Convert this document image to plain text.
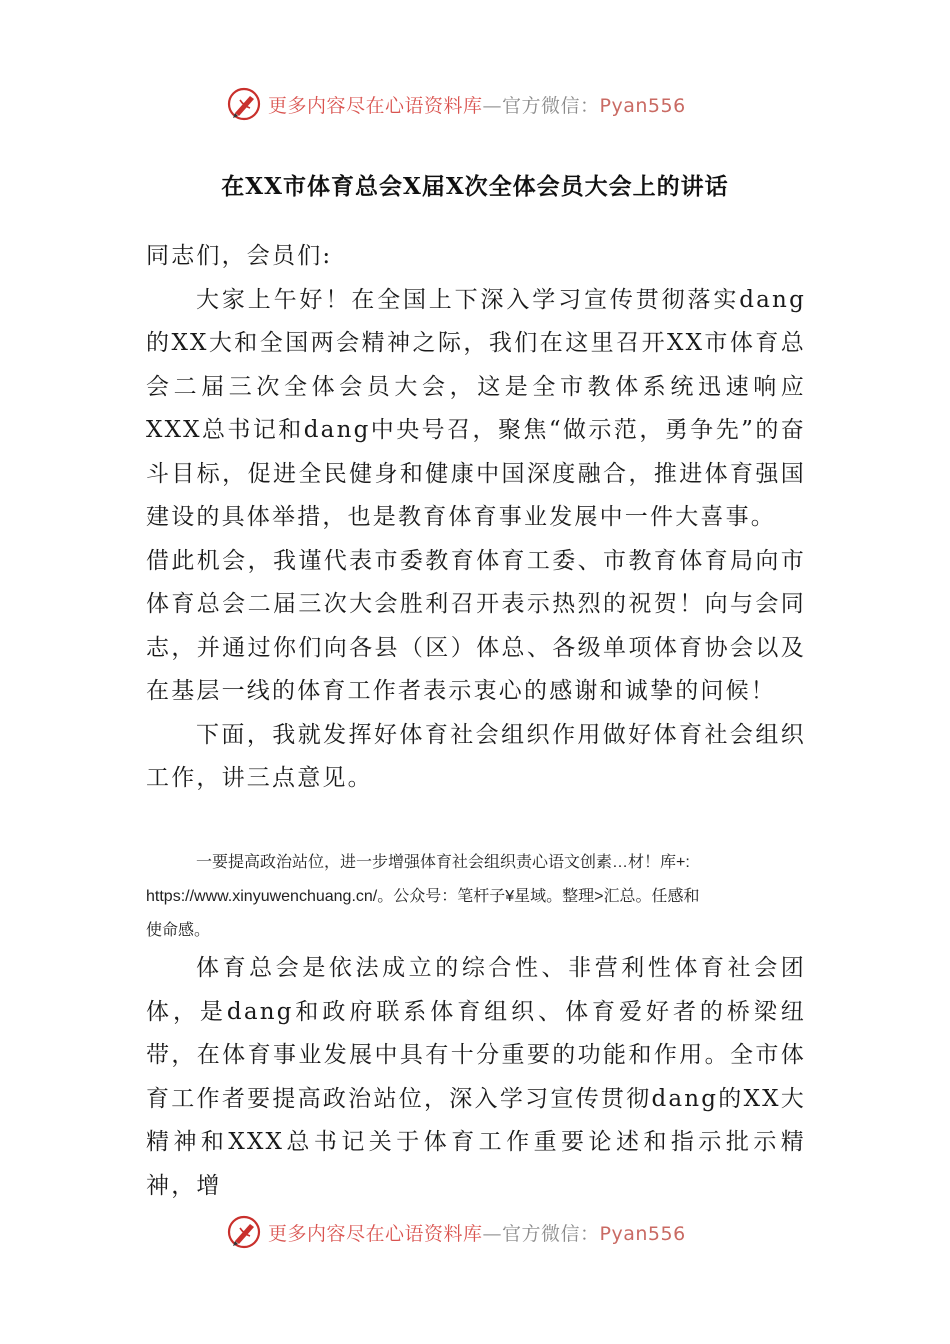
更多内容尽在心语资料库—官方微信：Pyan556
在XX市体育总会X届X次全体会员大会上的讲话

同志们，会员们:

大家上午好！在全国上下深入学习宣传贯彻落实dang的XX大和全国两会精神之际，我们在这里召开XX市体育总会二届三次全体会员大会，这是全市教体系统迅速响应XXX总书记和dang中央号召，聚焦“做示范，勇争先”的奋斗目标，促进全民健身和健康中国深度融合，推进体育强国建设的具体举措，也是教育体育事业发展中一件大喜事。

借此机会，我谨代表市委教育体育工委、市教育体育局向市体育总会二届三次大会胜利召开表示热烈的祝贺！向与会同志，并通过你们向各县（区）体总、各级单项体育协会以及在基层一线的体育工作者表示衷心的感谢和诚挚的问候！

下面，我就发挥好体育社会组织作用做好体育社会组织工作，讲三点意见。

一要提高政治站位，进一步增强体育社会组织责心语文创素…材！库+:
https://www.xinyuwenchuang.cn/。公众号：笔杆子¥星域。整理>汇总。任感和
使命感。

体育总会是依法成立的综合性、非营利性体育社会团体，是dang和政府联系体育组织、体育爱好者的桥梁纽带，在体育事业发展中具有十分重要的功能和作用。全市体育工作者要提高政治站位，深入学习宣传贯彻dang的XX大精神和XXX总书记关于体育工作重要论述和指示批示精神，增

更多内容尽在心语资料库—官方微信：Pyan556
